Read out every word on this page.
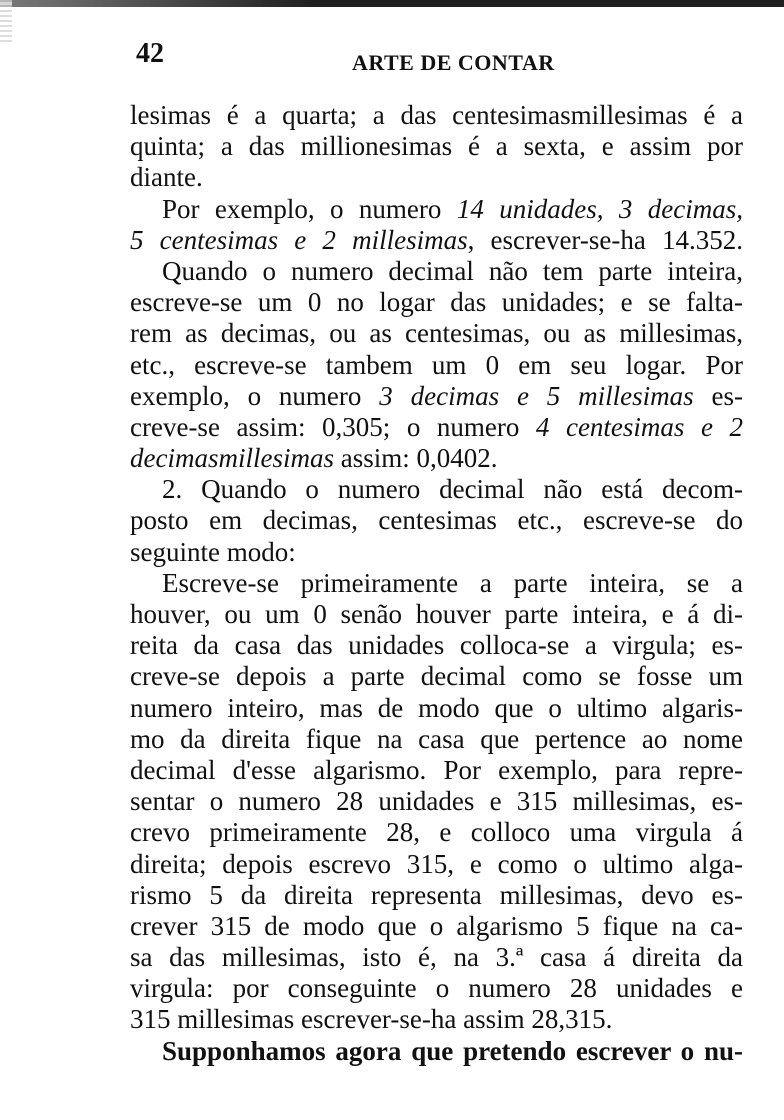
42	ARTE DE CONTAR
lesimas é a quarta; a das centesimasmillesimas é a
quinta; a das millionesimas é a sexta, e assim por
diante.
Por exemplo, o numero 14 unidades, 3 decimas,
5 centesimas e 2 millesimas, escrever-se-ha 14.352.
Quando o numero decimal não tem parte inteira,
escreve-se um 0 no logar das unidades; e se falta-
rem as decimas, ou as centesimas, ou as millesimas,
etc., escreve-se tambem um 0 em seu logar. Por
exemplo, o numero 3 decimas e 5 millesimas es-
creve-se assim: 0,305; o numero 4 centesimas e 2
decimasmillesimas assim: 0,0402.
2. Quando o numero decimal não está decom-
posto em decimas, centesimas etc., escreve-se do
seguinte modo:
Escreve-se primeiramente a parte inteira, se a
houver, ou um 0 senão houver parte inteira, e á di-
reita da casa das unidades colloca-se a virgula; es-
creve-se depois a parte decimal como se fosse um
numero inteiro, mas de modo que o ultimo algaris-
mo da direita fique na casa que pertence ao nome
decimal d'esse algarismo. Por exemplo, para repre-
sentar o numero 28 unidades e 315 millesimas, es-
crevo primeiramente 28, e colloco uma virgula á
direita; depois escrevo 315, e como o ultimo alga-
rismo 5 da direita representa millesimas, devo es-
crever 315 de modo que o algarismo 5 fique na ca-
sa das millesimas, isto é, na 3.ª casa á direita da
virgula: por conseguinte o numero 28 unidades e
315 millesimas escrever-se-ha assim 28,315.
Supponhamos agora que pretendo escrever o nu-
